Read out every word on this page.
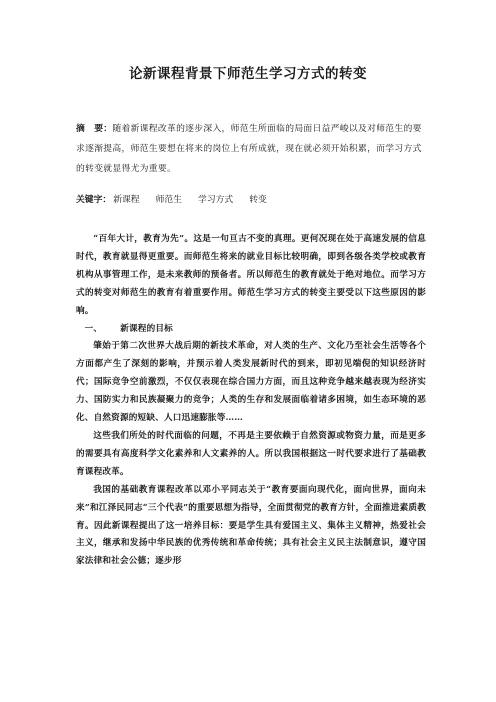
论新课程背景下师范生学习方式的转变
摘　要：随着新课程改革的逐步深入，师范生所面临的局面日益严峻以及对师范生的要求逐渐提高，师范生要想在将来的岗位上有所成就，现在就必须开始积累，而学习方式的转变就显得尤为重要。
关键字： 新课程 师范生 学习方式 转变

“百年大计，教育为先”。这是一句亘古不变的真理。更何况现在处于高速发展的信息时代，教育就显得更重要。而师范生将来的就业目标比较明确，即到各级各类学校或教育机构从事管理工作，是未来教师的预备者。所以师范生的教育就处于绝对地位。而学习方式的转变对师范生的教育有着重要作用。师范生学习方式的转变主要受以下这些原因的影响。

一、 新课程的目标

肇始于第二次世界大战后期的新技术革命，对人类的生产、文化乃至社会生活等各个方面都产生了深刻的影响，并预示着人类发展新时代的到来，即初见端倪的知识经济时代；国际竞争空前激烈，不仅仅表现在综合国力方面，而且这种竞争越来越表现为经济实力、国防实力和民族凝聚力的竞争；人类的生存和发展面临着诸多困境，如生态环境的恶化、自然资源的短缺、人口迅速膨胀等……

这些我们所处的时代面临的问题，不再是主要依赖于自然资源或物资力量，而是更多的需要具有高度科学文化素养和人文素养的人。所以我国根据这一时代要求进行了基础教育课程改革。

我国的基础教育课程改革以邓小平同志关于“教育要面向现代化，面向世界，面向未来”和江泽民同志“三个代表”的重要思想为指导，全面贯彻党的教育方针，全面推进素质教育。因此新课程提出了这一培养目标：要是学生具有爱国主义、集体主义精神，热爱社会主义，继承和发扬中华民族的优秀传统和革命传统；具有社会主义民主法制意识，遵守国家法律和社会公德；逐步形
